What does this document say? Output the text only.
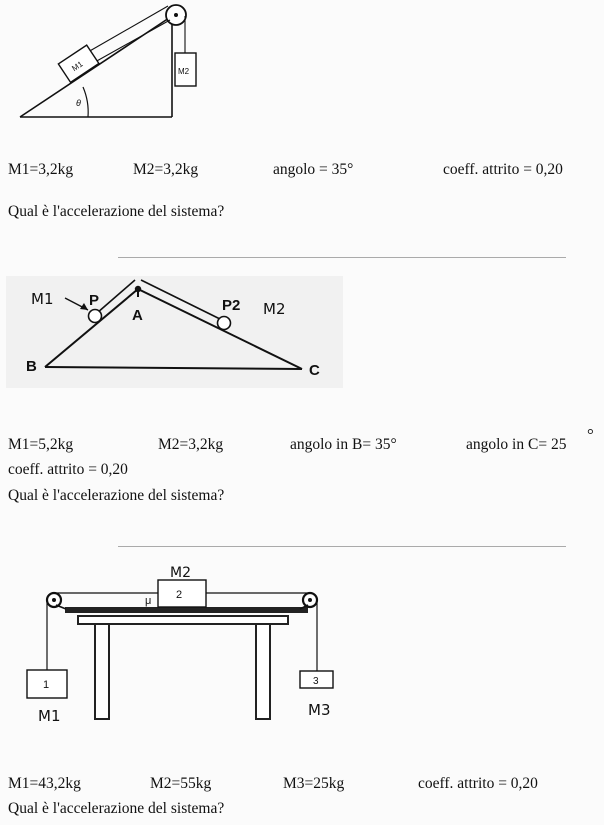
θ
M1	M2
M1=3,2kg	M2=3,2kg	angolo = 35°	coeff. attrito = 0,20
Qual è l'accelerazione del sistema?
M1 P
A
P2 M2
B	C
M1=5,2kg	M2=3,2kg	angolo in B= 35°	angolo in C= 25
°
coeff. attrito = 0,20
Qual è l'accelerazione del sistema?
2
M2
μ
1
M1
3
M3
M1=43,2kg	M2=55kg	M3=25kg	coeff. attrito = 0,20
Qual è l'accelerazione del sistema?
